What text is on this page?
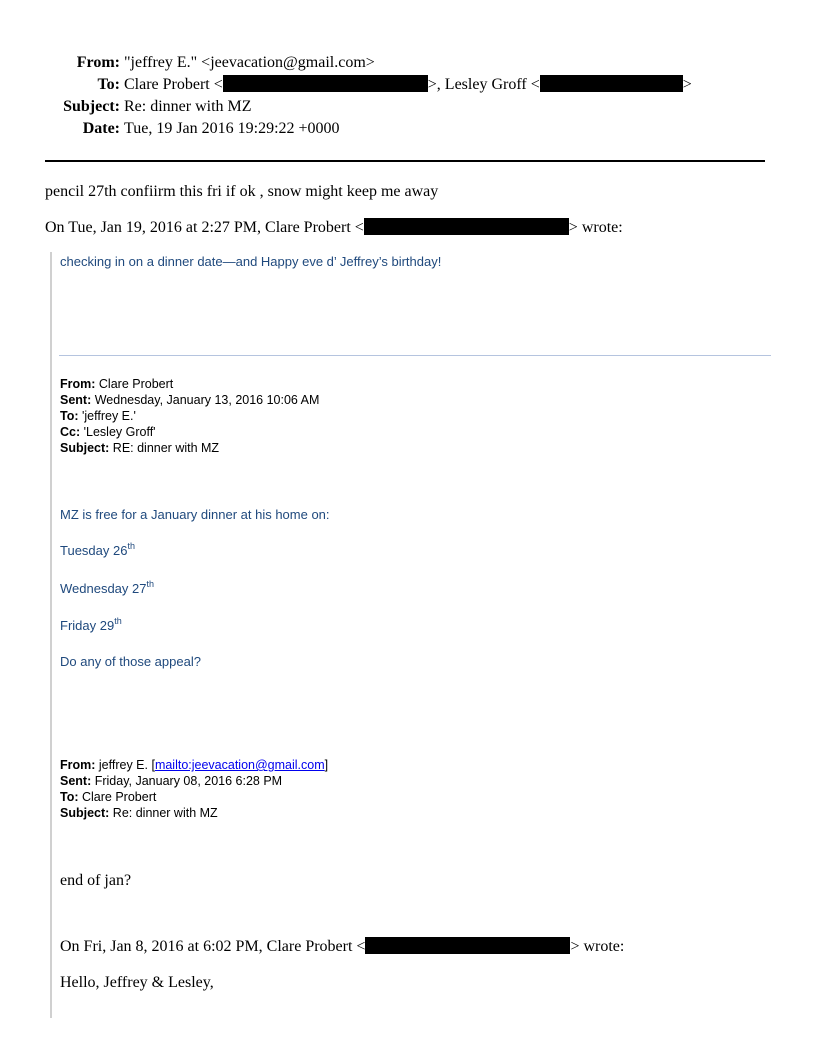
From: "jeffrey E." <jeevacation@gmail.com>
To: Clare Probert <	>, Lesley Groff <	>
Subject: Re: dinner with MZ
Date: Tue, 19 Jan 2016 19:29:22 +0000
pencil 27th confiirm this fri if ok , snow might keep me away
On Tue, Jan 19, 2016 at 2:27 PM, Clare Probert <	> wrote:
checking in on a dinner date—and Happy eve d’ Jeffrey’s birthday!
From: Clare Probert
Sent: Wednesday, January 13, 2016 10:06 AM
To: 'jeffrey E.'
Cc: 'Lesley Groff'
Subject: RE: dinner with MZ
MZ is free for a January dinner at his home on:
Tuesday 26th
Wednesday 27th
Friday 29th
Do any of those appeal?
From: jeffrey E. [mailto:jeevacation@gmail.com]
Sent: Friday, January 08, 2016 6:28 PM
To: Clare Probert
Subject: Re: dinner with MZ
end of jan?
On Fri, Jan 8, 2016 at 6:02 PM, Clare Probert <	> wrote:
Hello, Jeffrey & Lesley,
